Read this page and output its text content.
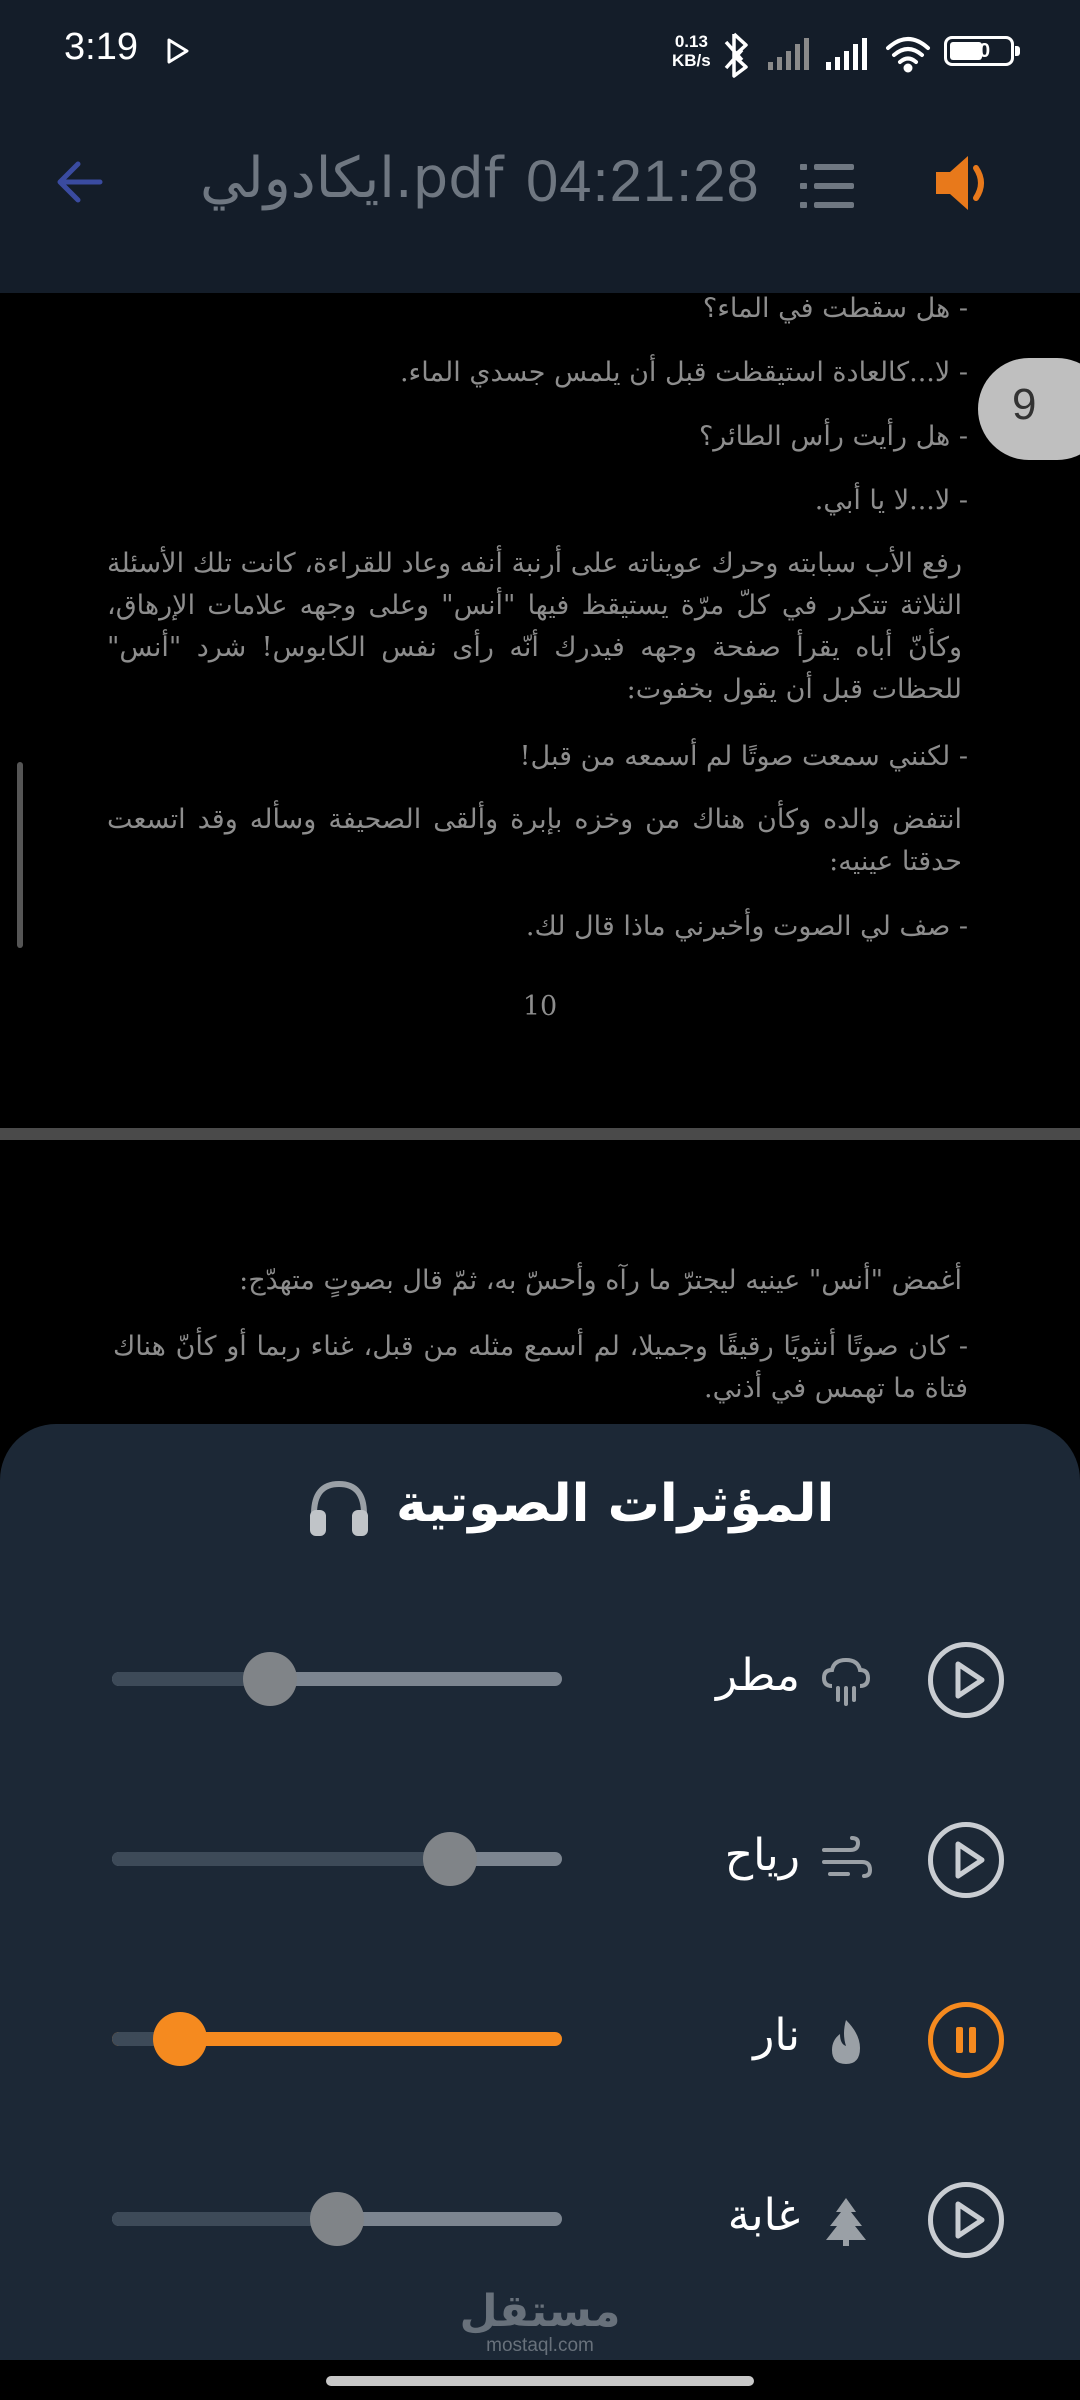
3:19	0.13
KB/s	50
ايكادولي.pdf 04:21:28
- هل سقطت في الماء؟
- لا...كالعادة استيقظت قبل أن يلمس جسدي الماء.
- هل رأيت رأس الطائر؟
- لا...لا يا أبي.
رفع الأب سبابته وحرك عويناته على أرنبة أنفه وعاد للقراءة، كانت تلك الأسئلة الثلاثة تتكرر في كلّ مرّة يستيقظ فيها "أنس" وعلى وجهه علامات الإرهاق، وكأنّ أباه يقرأ صفحة وجهه فيدرك أنّه رأى نفس الكابوس! شرد "أنس" للحظات قبل أن يقول بخفوت:
- لكنني سمعت صوتًا لم أسمعه من قبل!
انتفض والده وكأن هناك من وخزه بإبرة وألقى الصحيفة وسأله وقد اتسعت حدقتا عينيه:
- صف لي الصوت وأخبرني ماذا قال لك.
10
9
أغمض "أنس" عينيه ليجترّ ما رآه وأحسّ به، ثمّ قال بصوتٍ متهدّج:
- كان صوتًا أنثويًا رقيقًا وجميلا، لم أسمع مثله من قبل، غناء ربما أو كأنّ هناك فتاة ما تهمس في أذني.
المؤثرات الصوتية
مطر
رياح
نار
غابة
مستقل
mostaql.com
